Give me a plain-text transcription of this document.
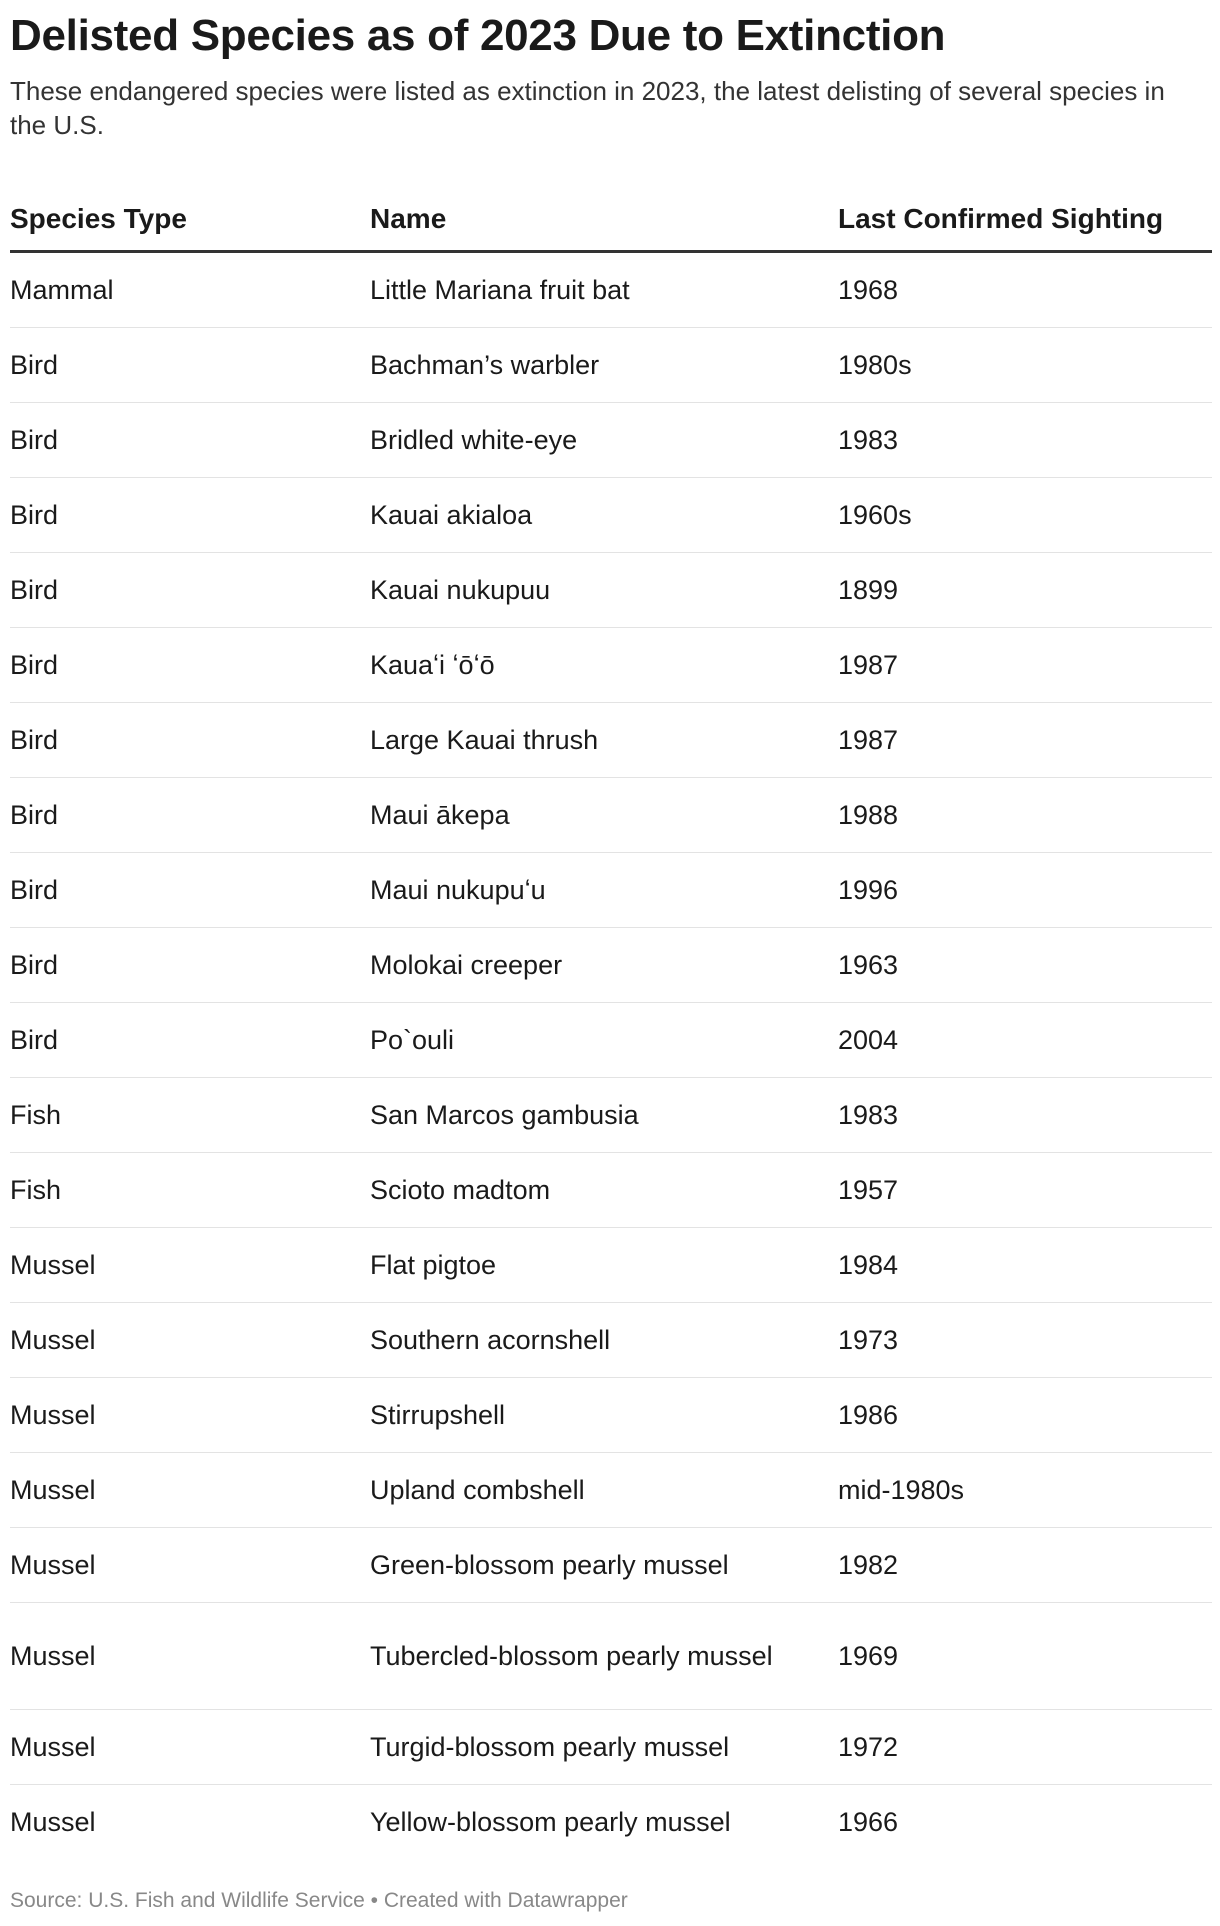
Delisted Species as of 2023 Due to Extinction

These endangered species were listed as extinction in 2023, the latest delisting of several species in the U.S.

Species Type	Name	Last Confirmed Sighting
Mammal	Little Mariana fruit bat	1968
Bird	Bachman’s warbler	1980s
Bird	Bridled white-eye	1983
Bird	Kauai akialoa	1960s
Bird	Kauai nukupuu	1899
Bird	Kauaʻi ʻōʻō	1987
Bird	Large Kauai thrush	1987
Bird	Maui ākepa	1988
Bird	Maui nukupuʻu	1996
Bird	Molokai creeper	1963
Bird	Po`ouli	2004
Fish	San Marcos gambusia	1983
Fish	Scioto madtom	1957
Mussel	Flat pigtoe	1984
Mussel	Southern acornshell	1973
Mussel	Stirrupshell	1986
Mussel	Upland combshell	mid-1980s
Mussel	Green-blossom pearly mussel	1982
Mussel	Tubercled-blossom pearly mussel	1969
Mussel	Turgid-blossom pearly mussel	1972
Mussel	Yellow-blossom pearly mussel	1966
Source: U.S. Fish and Wildlife Service • Created with Datawrapper
